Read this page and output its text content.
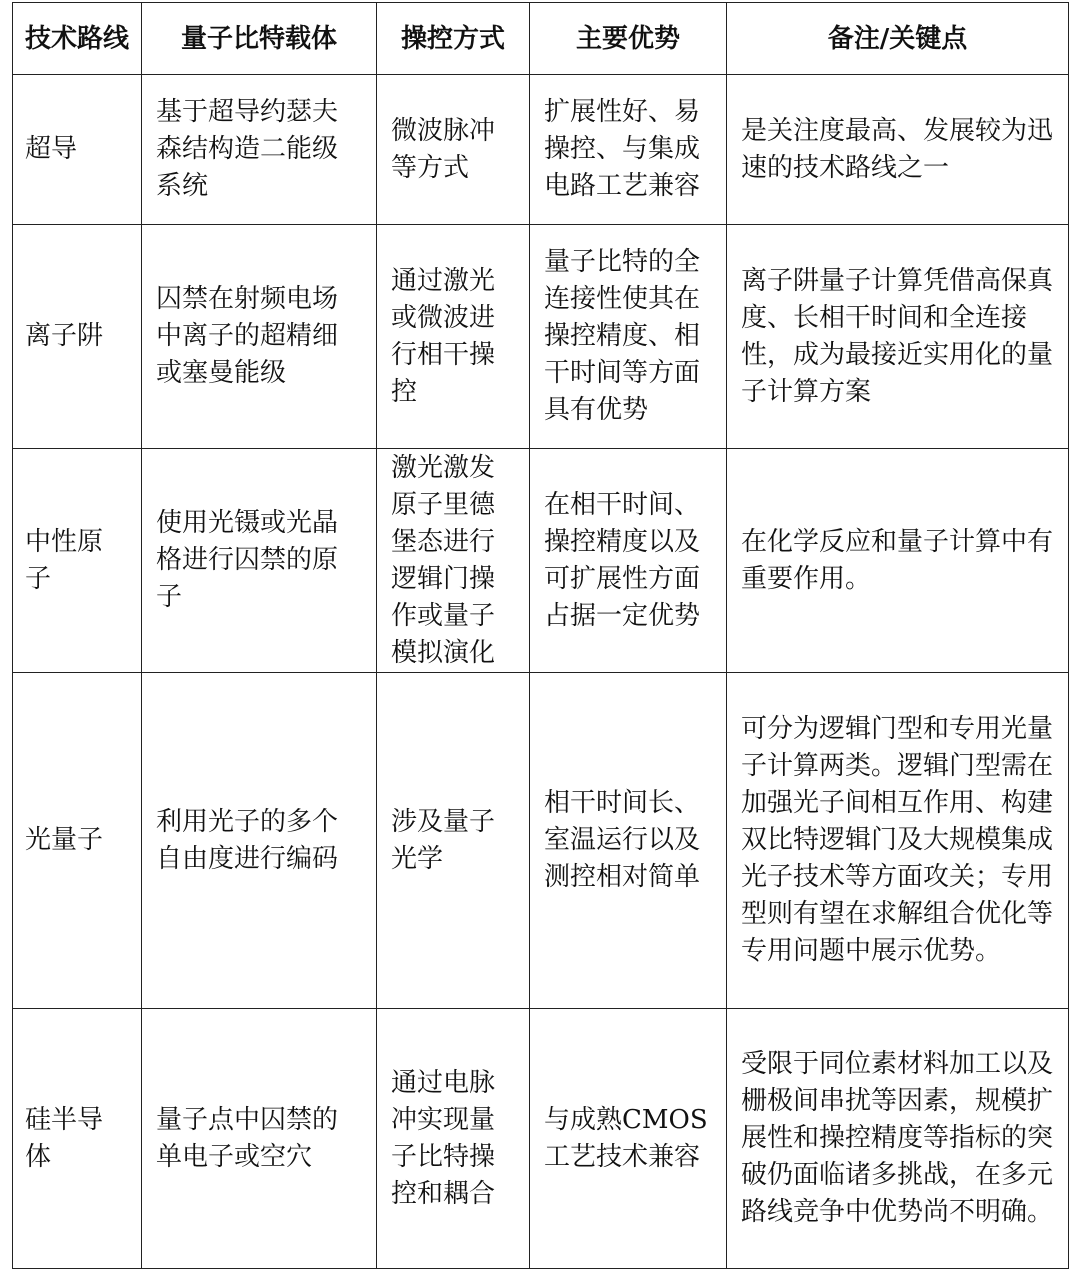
技术路线	量子比特载体	操控方式	主要优势	备注/关键点
超导	基于超导约瑟夫森结构造二能级系统	微波脉冲等方式	扩展性好、易操控、与集成电路工艺兼容	是关注度最高、发展较为迅速的技术路线之一
离子阱	囚禁在射频电场中离子的超精细或塞曼能级	通过激光或微波进行相干操控	量子比特的全连接性使其在操控精度、相干时间等方面具有优势	离子阱量子计算凭借高保真度、长相干时间和全连接性，成为最接近实用化的量子计算方案
中性原子	使用光镊或光晶格进行囚禁的原子	激光激发原子里德堡态进行逻辑门操作或量子模拟演化	在相干时间、操控精度以及可扩展性方面占据一定优势	在化学反应和量子计算中有重要作用。
光量子	利用光子的多个自由度进行编码	涉及量子光学	相干时间长、室温运行以及测控相对简单	可分为逻辑门型和专用光量子计算两类。逻辑门型需在加强光子间相互作用、构建双比特逻辑门及大规模集成光子技术等方面攻关；专用型则有望在求解组合优化等专用问题中展示优势。
硅半导体	量子点中囚禁的单电子或空穴	通过电脉冲实现量子比特操控和耦合	与成熟CMOS工艺技术兼容	受限于同位素材料加工以及栅极间串扰等因素，规模扩展性和操控精度等指标的突破仍面临诸多挑战，在多元路线竞争中优势尚不明确。
